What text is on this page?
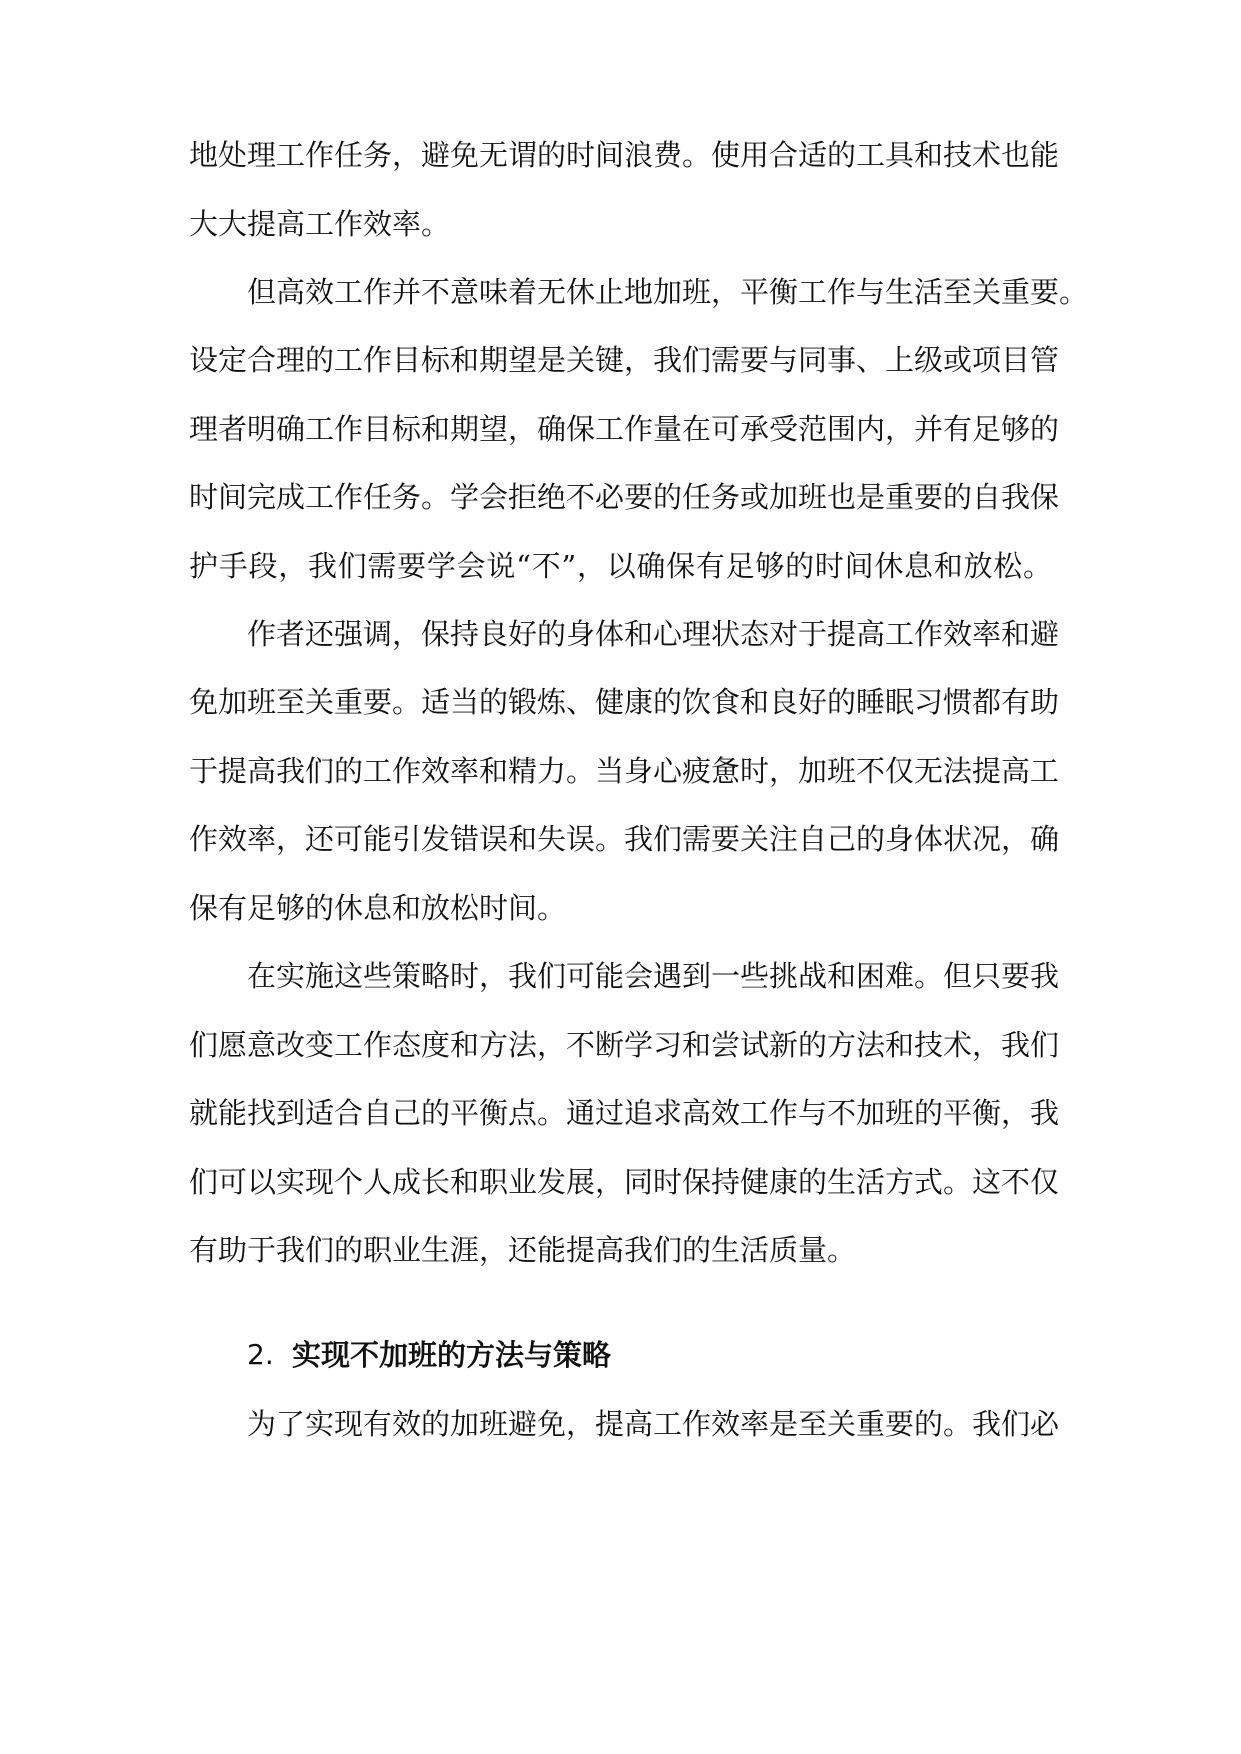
地处理工作任务，避免无谓的时间浪费。使用合适的工具和技术也能
大大提高工作效率。
但高效工作并不意味着无休止地加班，平衡工作与生活至关重要。
设定合理的工作目标和期望是关键，我们需要与同事、上级或项目管
理者明确工作目标和期望，确保工作量在可承受范围内，并有足够的
时间完成工作任务。学会拒绝不必要的任务或加班也是重要的自我保
护手段，我们需要学会说“不”，以确保有足够的时间休息和放松。
作者还强调，保持良好的身体和心理状态对于提高工作效率和避
免加班至关重要。适当的锻炼、健康的饮食和良好的睡眠习惯都有助
于提高我们的工作效率和精力。当身心疲惫时，加班不仅无法提高工
作效率，还可能引发错误和失误。我们需要关注自己的身体状况，确
保有足够的休息和放松时间。
在实施这些策略时，我们可能会遇到一些挑战和困难。但只要我
们愿意改变工作态度和方法，不断学习和尝试新的方法和技术，我们
就能找到适合自己的平衡点。通过追求高效工作与不加班的平衡，我
们可以实现个人成长和职业发展，同时保持健康的生活方式。这不仅
有助于我们的职业生涯，还能提高我们的生活质量。
2. 实现不加班的方法与策略
为了实现有效的加班避免，提高工作效率是至关重要的。我们必
